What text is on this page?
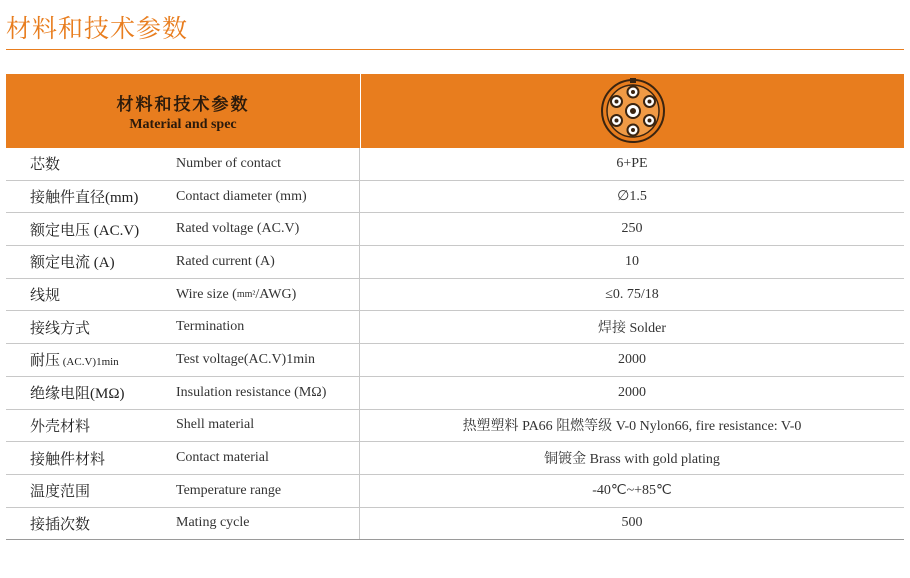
材料和技术参数
材料和技术参数
Material and spec
芯数	Number of contact	6+PE
接触件直径(mm)	Contact diameter (mm)	∅1.5
额定电压 (AC.V)	Rated voltage (AC.V)	250
额定电流 (A)	Rated current (A)	10
线规	Wire size ( mm² /AWG)	≤0. 75/18
接线方式	Termination	焊接 Solder
耐压 (AC.V)1min	Test voltage(AC.V)1min	2000
绝缘电阻(MΩ)	Insulation resistance (MΩ)	2000
外壳材料	Shell material	热塑塑料 PA66 阻燃等级 V-0 Nylon66, fire resistance: V-0
接触件材料	Contact material	铜镀金 Brass with gold plating
温度范围	Temperature range	-40℃~+85℃
接插次数	Mating cycle	500
